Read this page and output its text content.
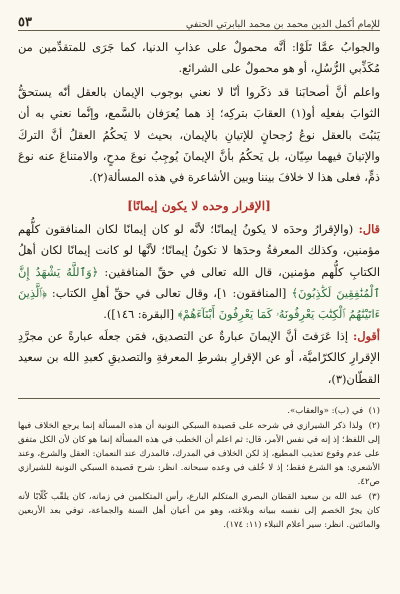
للإمام أكمل الدين محمد بن محمد البابرتي الحنفي
٥٣

والجوابُ عمَّا تَلَوْا: أنَّه محمولٌ على عذابِ الدنيا، كما جَرَى للمتقدِّمين من مُكَذِّبي الرُّسُلِ، أو هو محمولٌ على الشرائع.

واعلم أنَّ أصحابَنا قد ذكَروا أنّا لا نعني بوجوب الإيمان بالعقل أنّه يستحقُّ الثوابَ بفعلِه أو(١) العقابَ بتركِه؛ إذ هما يُعرَفان بالسَّمع، وإنَّما نعني به أن يَثبُتَ بالعقل نوعُ رُجحانٍ للإتيانِ بالإيمان، بحيث لا يَحكُمُ العقلُ أنَّ التركَ والإتيانَ فيهما سِيّان، بل يَحكُمُ بأنَّ الإيمانَ يُوجِبُ نوعَ مدحٍ، والامتناعَ عنه نوعَ ذمٍّ، فعلى هذا لا خلافَ بيننا وبين الأشاعرة في هذه المسألة(٢).

[الإقرار وحده لا يكون إيمانًا]

قال: (والإقرارُ وحدَه لا يكونُ إيمانًا؛ لأنَّه لو كان إيمانًا لكان المنافقون كلُّهم مؤمنين، وكذلك المعرفةُ وحدَها لا تكونُ إيمانًا؛ لأنَّها لو كانت إيمانًا لكان أهلُ الكتابِ كلُّهم مؤمنين، قال الله تعالى في حقِّ المنافقين: ﴿وَٱللَّهُ يَشْهَدُ إِنَّ ٱلْمُنَٰفِقِينَ لَكَٰذِبُونَ﴾ [المنافقون: ١]، وقال تعالى في حقِّ أهلِ الكتاب: ﴿ٱلَّذِينَ ءَاتَيْنَٰهُمُ ٱلْكِتَٰبَ يَعْرِفُونَهُۥ كَمَا يَعْرِفُونَ أَبْنَآءَهُمْ﴾ [البقرة: ١٤٦]).

أقول: إذا عَرَفتَ أنَّ الإيمانَ عبارةٌ عن التصديق، فمَن جعلَه عبارةً عن مجرَّدِ الإقرارِ كالكرّاميَّة، أو عن الإقرارِ بشرطِ المعرفةِ والتصديقِ كعبدِ الله بن سعيد القطّان(٣)،

(١) في (ب): «والعقاب».

(٢) ولذا ذكر الشيرازي في شرحه على قصيدة السبكي النونية أن هذه المسألة إنما يرجع الخلاف فيها إلى اللفظ؛ إذ إنه في نفس الأمر، قال: ثم اعلم أن الخطب في هذه المسألة إنما هو كان لأن الكل متفق على عدم وقوع تعذيب المطيع، إذ لكن الخلاف في المدرك، فالمدرك عند النعمان: العقل والشرع، وعند الأشعري: هو الشرع فقط؛ إذ لا خُلف في وعده سبحانه. انظر: شرح قصيدة السبكي النونية للشيرازي ص٤٢.

(٣) عبد الله بن سعيد القطان البصري المتكلم البارع، رأس المتكلمين في زمانه، كان يلقّب كُلّابًا لأنه كان يجرّ الخصم إلى نفسه ببيانه وبلاغته، وهو من أعيان أهل السنة والجماعة، توفي بعد الأربعين والمائتين. انظر: سير أعلام النبلاء (١١: ١٧٤).
